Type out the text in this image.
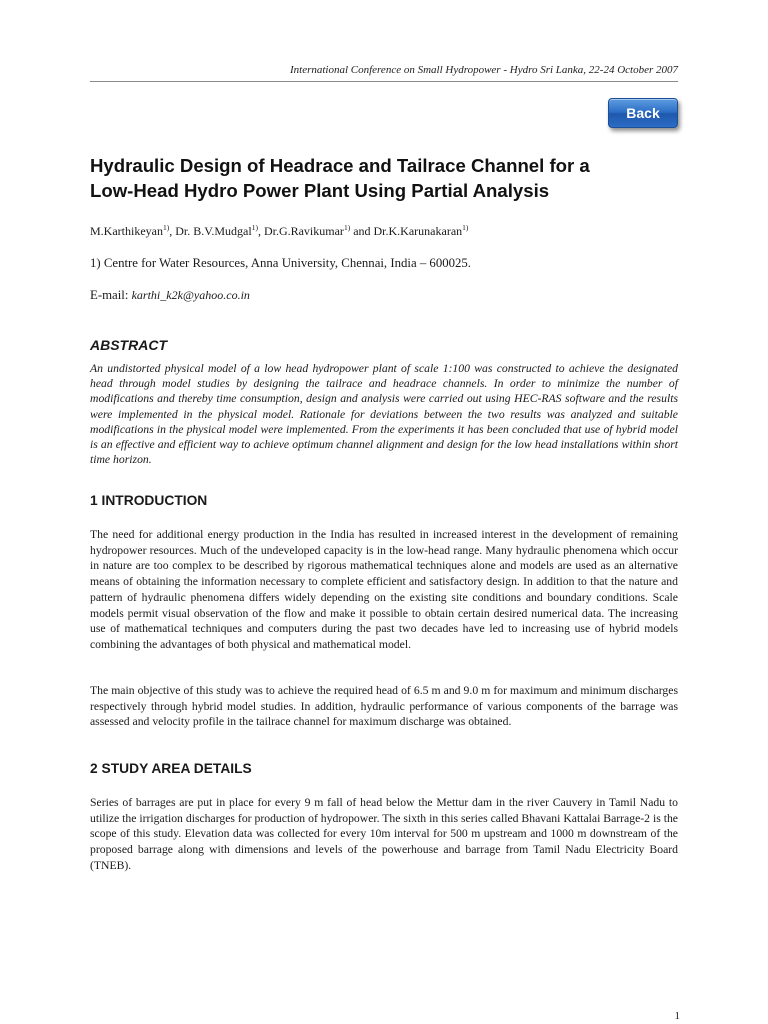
International Conference on Small Hydropower - Hydro Sri Lanka, 22-24 October 2007
Back
Hydraulic Design of Headrace and Tailrace Channel for a
Low-Head Hydro Power Plant Using Partial Analysis

M.Karthikeyan$^{1)}$, Dr. B.V.Mudgal$^{1)}$, Dr.G.Ravikumar$^{1)}$ and Dr.K.Karunakaran$^{1)}$

1) Centre for Water Resources, Anna University, Chennai, India – 600025.

E-mail: karthi_k2k@yahoo.co.in

ABSTRACT

An undistorted physical model of a low head hydropower plant of scale 1:100 was constructed to achieve the designated head through model studies by designing the tailrace and headrace channels. In order to minimize the number of modifications and thereby time consumption, design and analysis were carried out using HEC-RAS software and the results were implemented in the physical model. Rationale for deviations between the two results was analyzed and suitable modifications in the physical model were implemented. From the experiments it has been concluded that use of hybrid model is an effective and efficient way to achieve optimum channel alignment and design for the low head installations within short time horizon.

1 INTRODUCTION

The need for additional energy production in the India has resulted in increased interest in the development of remaining hydropower resources. Much of the undeveloped capacity is in the low-head range. Many hydraulic phenomena which occur in nature are too complex to be described by rigorous mathematical techniques alone and models are used as an alternative means of obtaining the information necessary to complete efficient and satisfactory design. In addition to that the nature and pattern of hydraulic phenomena differs widely depending on the existing site conditions and boundary conditions. Scale models permit visual observation of the flow and make it possible to obtain certain desired numerical data. The increasing use of mathematical techniques and computers during the past two decades have led to increasing use of hybrid models combining the advantages of both physical and mathematical model.

The main objective of this study was to achieve the required head of 6.5 m and 9.0 m for maximum and minimum discharges respectively through hybrid model studies. In addition, hydraulic performance of various components of the barrage was assessed and velocity profile in the tailrace channel for maximum discharge was obtained.

2 STUDY AREA DETAILS

Series of barrages are put in place for every 9 m fall of head below the Mettur dam in the river Cauvery in Tamil Nadu to utilize the irrigation discharges for production of hydropower. The sixth in this series called Bhavani Kattalai Barrage-2 is the scope of this study. Elevation data was collected for every 10m interval for 500 m upstream and 1000 m downstream of the proposed barrage along with dimensions and levels of the powerhouse and barrage from Tamil Nadu Electricity Board (TNEB).

1
